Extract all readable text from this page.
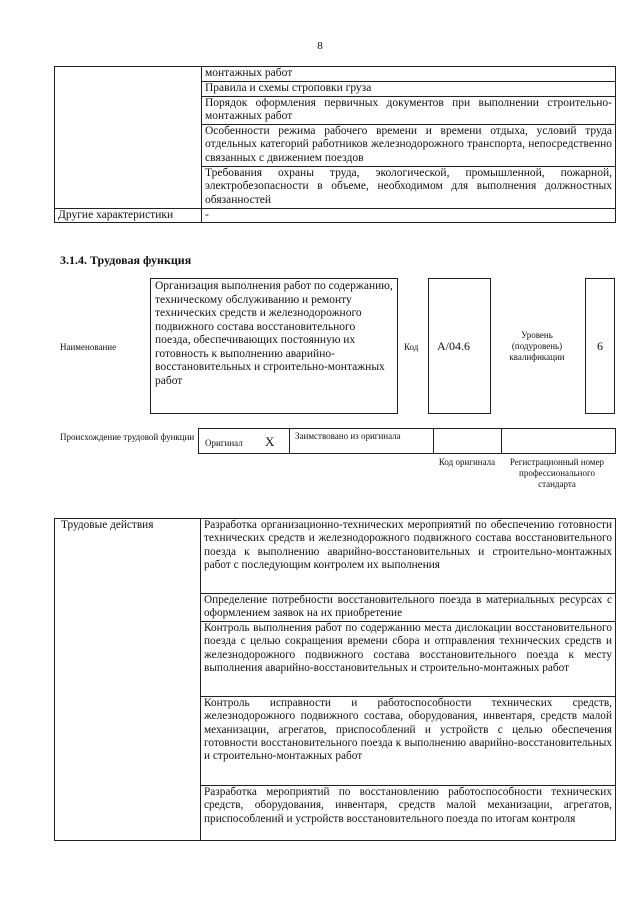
8
	монтажных работ
	Правила и схемы строповки груза
	Порядок оформления первичных документов при выполнении строительно-монтажных работ
	Особенности режима рабочего времени и времени отдыха, условий труда отдельных категорий работников железнодорожного транспорта, непосредственно связанных с движением поездов
	Требования охраны труда, экологической, промышленной, пожарной, электробезопасности в объеме, необходимом для выполнения должностных обязанностей
Другие характеристики	-
3.1.4. Трудовая функция
Наименование
Организация выполнения работ по содержанию, техническому обслуживанию и ремонту технических средств и железнодорожного подвижного состава восстановительного поезда, обеспечивающих постоянную их готовность к выполнению аварийно-восстановительных и строительно-монтажных работ
Код	А/04.6
Уровень (подуровень) квалификации
6
Происхождение трудовой функции
Оригинал X Заимствовано из оригинала
Код оригинала	Регистрационный номер профессионального стандарта
Трудовые действия	Разработка организационно-технических мероприятий по обеспечению готовности технических средств и железнодорожного подвижного состава восстановительного поезда к выполнению аварийно-восстановительных и строительно-монтажных работ с последующим контролем их выполнения
Определение потребности восстановительного поезда в материальных ресурсах с оформлением заявок на их приобретение
Контроль выполнения работ по содержанию места дислокации восстановительного поезда с целью сокращения времени сбора и отправления технических средств и железнодорожного подвижного состава восстановительного поезда к месту выполнения аварийно-восстановительных и строительно-монтажных работ
Контроль исправности и работоспособности технических средств, железнодорожного подвижного состава, оборудования, инвентаря, средств малой механизации, агрегатов, приспособлений и устройств с целью обеспечения готовности восстановительного поезда к выполнению аварийно-восстановительных и строительно-монтажных работ
Разработка мероприятий по восстановлению работоспособности технических средств, оборудования, инвентаря, средств малой механизации, агрегатов, приспособлений и устройств восстановительного поезда по итогам контроля
